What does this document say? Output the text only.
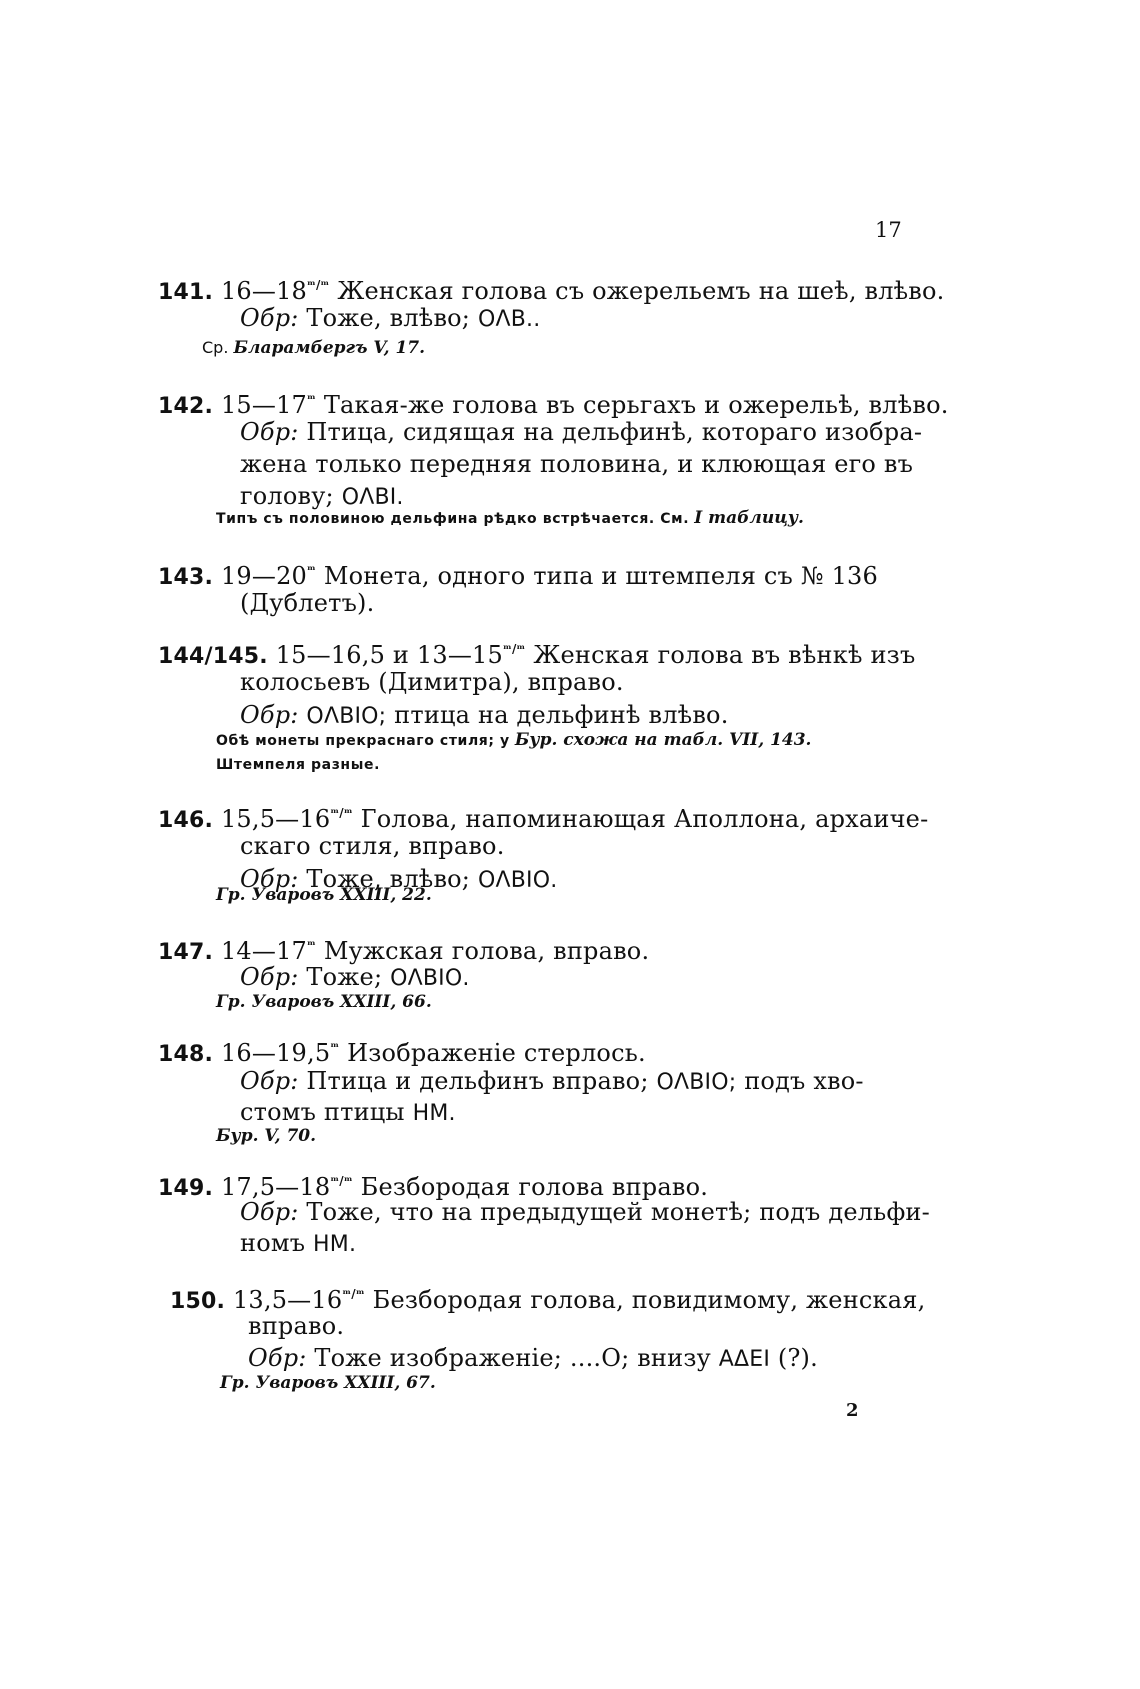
17
141. $16—18^{ᵐ/ᵐ}$ Женская голова съ ожерельемъ на шеѣ, влѣво.
Обр: Тоже, влѣво; ΟΛΒ..
Ср. Бларамбергъ V, 17.
142. $15—17^ᵐ$ Такая-же голова въ серьгахъ и ожерельѣ, влѣво.
Обр: Птица, сидящая на дельфинѣ, котораго изобра-
жена только передняя половина, и клюющая его въ
голову; ΟΛΒΙ.
Типъ съ половиною дельфина рѣдко встрѣчается. См. I таблицу.
143. $19—20^ᵐ$ Монета, одного типа и штемпеля съ № 136
(Дублетъ).
144/145. 15—16,5 и $13—15^{ᵐ/ᵐ}$ Женская голова въ вѣнкѣ изъ
колосьевъ (Димитра), вправо.
Обр: ΟΛΒΙΟ; птица на дельфинѣ влѣво.
Обѣ монеты прекраснаго стиля; у Бур. схожа на табл. VII, 143.
Штемпеля разные.
146. $15,5—16^{ᵐ/ᵐ}$ Голова, напоминающая Аполлона, архаиче-
скаго стиля, вправо.
Обр: Тоже, влѣво; ΟΛΒΙΟ.
Гр. Уваровъ XXIII, 22.
147. $14—17^ᵐ$ Мужская голова, вправо.
Обр: Тоже; ΟΛΒΙΟ.
Гр. Уваровъ XXIII, 66.
148. $16—19,5^ᵐ$ Изображеніе стерлось.
Обр: Птица и дельфинъ вправо; ΟΛΒΙΟ; подъ хво-
стомъ птицы HM.
Бур. V, 70.
149. $17,5—18^{ᵐ/ᵐ}$ Безбородая голова вправо.
Обр: Тоже, что на предыдущей монетѣ; подъ дельфи-
номъ HM.
150. $13,5—16^{ᵐ/ᵐ}$ Безбородая голова, повидимому, женская,
вправо.
Обр: Тоже изображеніе; ....О; внизу ΑΔΕΙ (?).
Гр. Уваровъ XXIII, 67.
2
